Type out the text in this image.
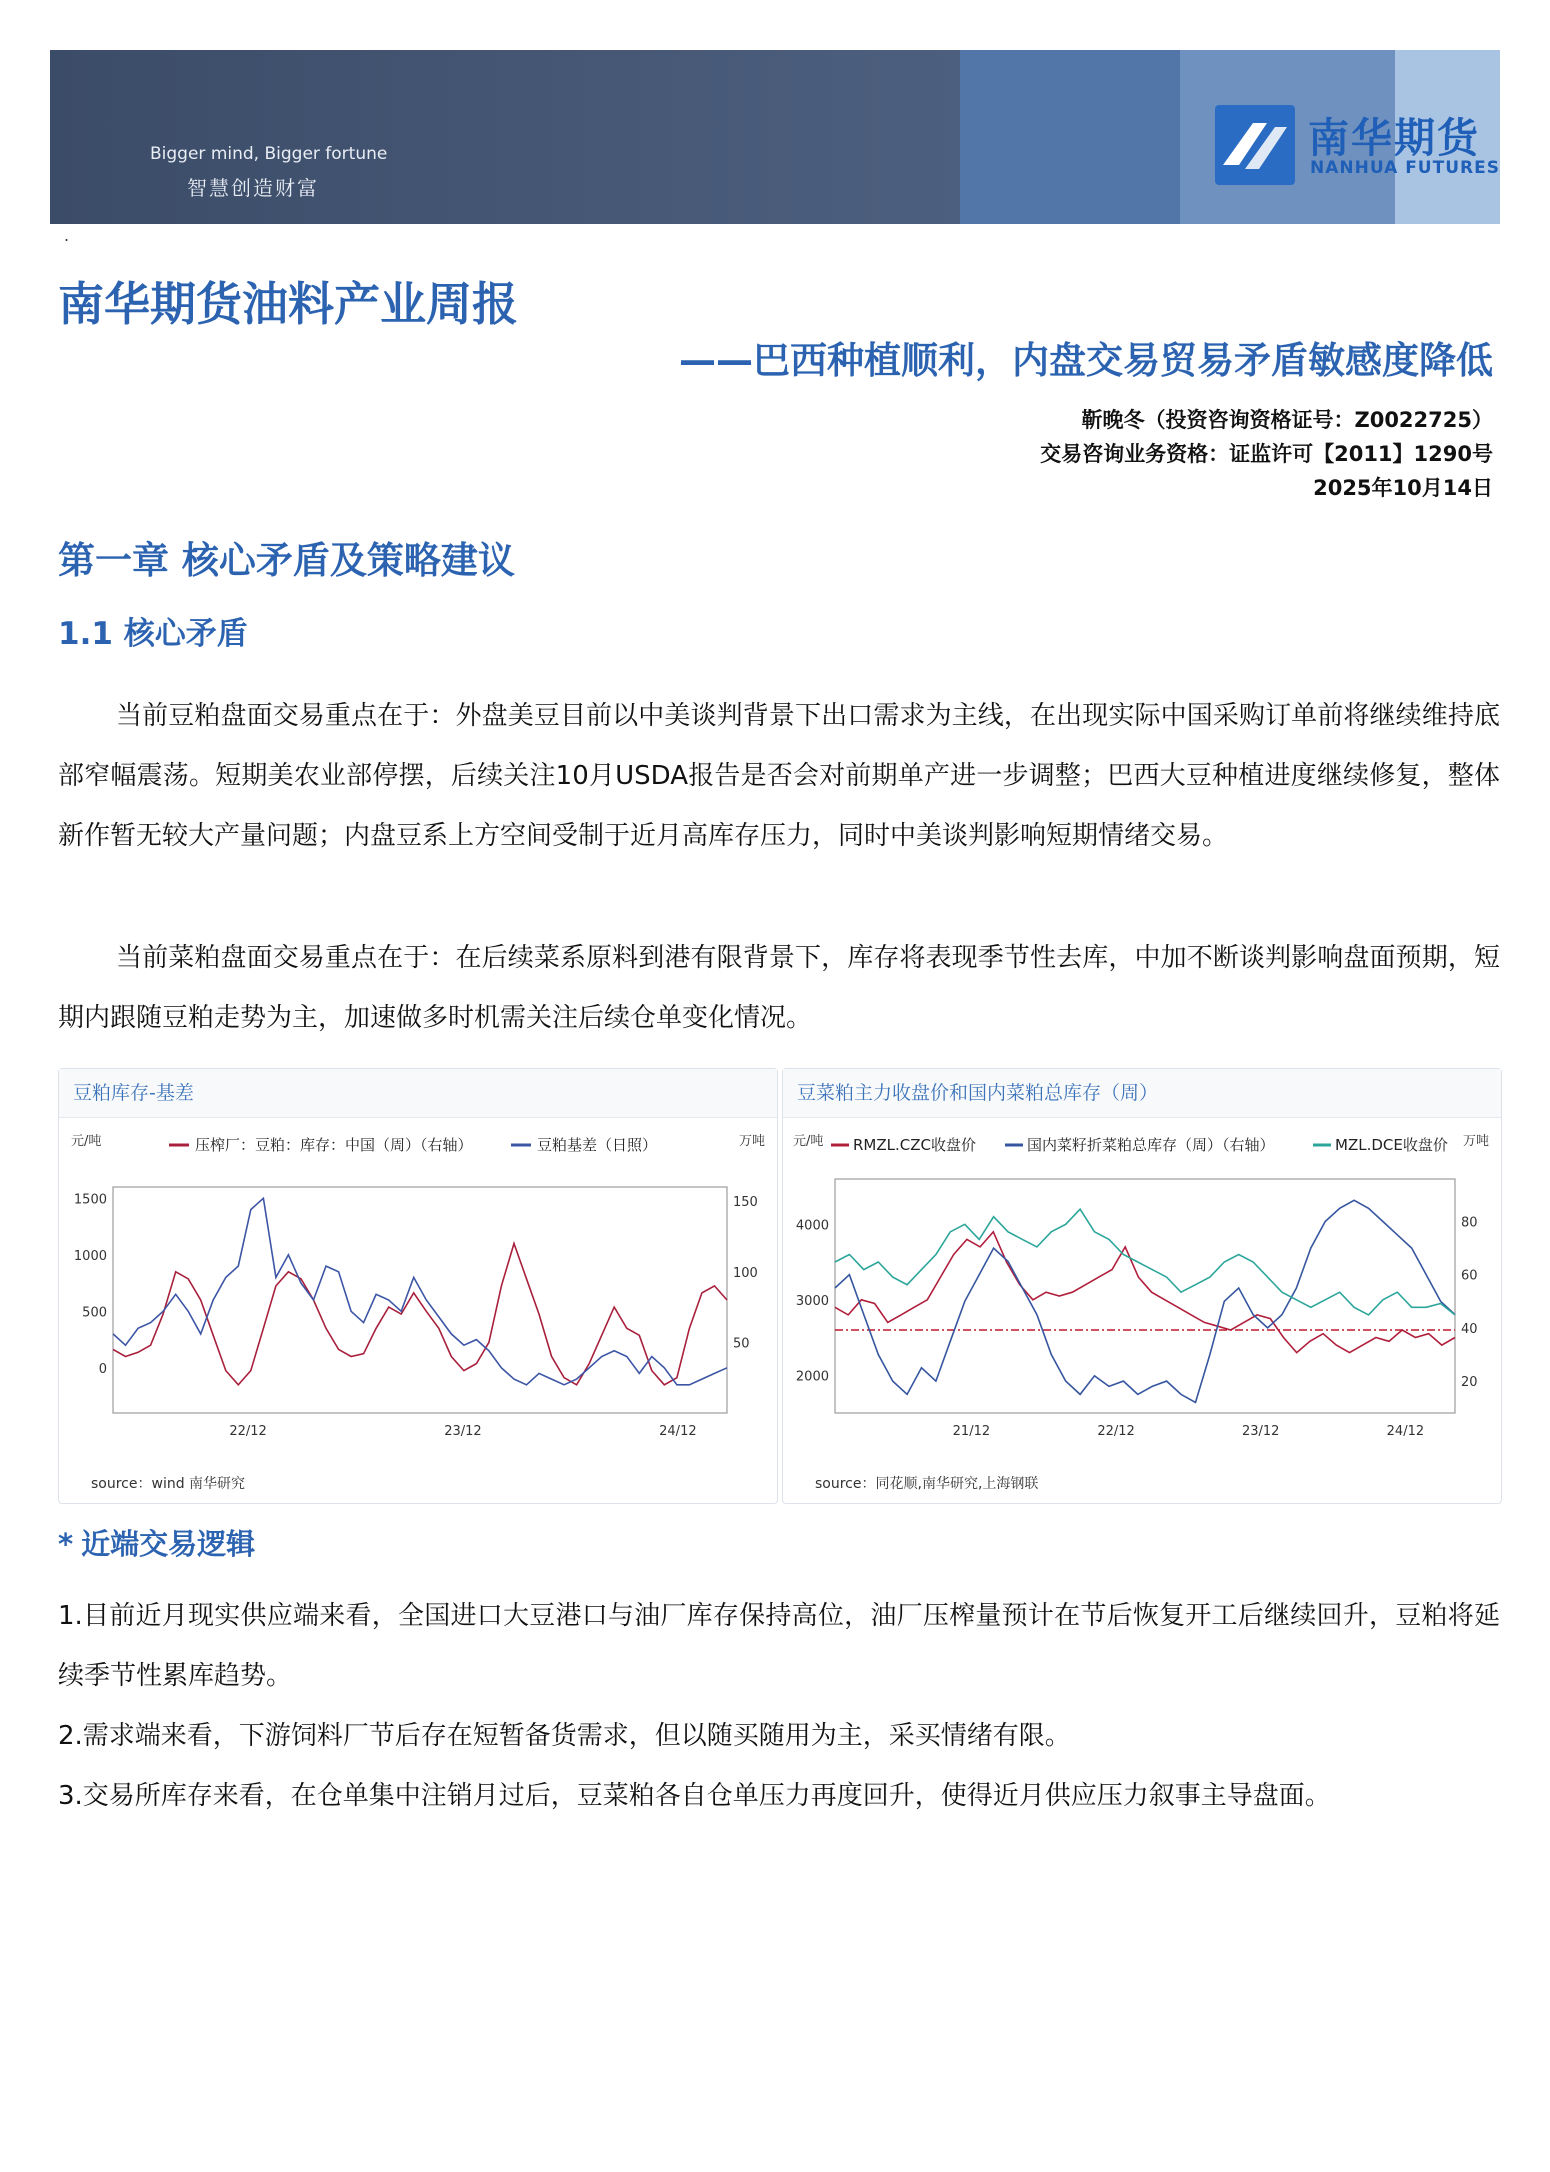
Bigger mind, Bigger fortune
智慧创造财富
南华期货
NANHUA FUTURES
.
南华期货油料产业周报
——巴西种植顺利，内盘交易贸易矛盾敏感度降低
靳晚冬（投资咨询资格证号：Z0022725）
交易咨询业务资格：证监许可【2011】1290号
2025年10月14日
第一章 核心矛盾及策略建议
1.1 核心矛盾

当前豆粕盘面交易重点在于：外盘美豆目前以中美谈判背景下出口需求为主线，在出现实际中国采购订单前将继续维持底部窄幅震荡。短期美农业部停摆，后续关注10月USDA报告是否会对前期单产进一步调整；巴西大豆种植进度继续修复，整体新作暂无较大产量问题；内盘豆系上方空间受制于近月高库存压力，同时中美谈判影响短期情绪交易。

当前菜粕盘面交易重点在于：在后续菜系原料到港有限背景下，库存将表现季节性去库，中加不断谈判影响盘面预期，短期内跟随豆粕走势为主，加速做多时机需关注后续仓单变化情况。

豆粕库存-基差
元/吨	万吨
压榨厂：豆粕：库存：中国（周）（右轴）	豆粕基差（日照）
0
500
1000
1500
50
100
150
22/12	23/12	24/12
source：wind 南华研究
豆菜粕主力收盘价和国内菜粕总库存（周）
元/吨	万吨
RMZL.CZC收盘价	国内菜籽折菜粕总库存（周）（右轴）	MZL.DCE收盘价
2000
3000
4000
20
40
60
80
21/12	22/12	23/12	24/12
source：同花顺,南华研究,上海钢联
* 近端交易逻辑

1.目前近月现实供应端来看，全国进口大豆港口与油厂库存保持高位，油厂压榨量预计在节后恢复开工后继续回升，豆粕将延续季节性累库趋势。

2.需求端来看，下游饲料厂节后存在短暂备货需求，但以随买随用为主，采买情绪有限。

3.交易所库存来看，在仓单集中注销月过后，豆菜粕各自仓单压力再度回升，使得近月供应压力叙事主导盘面。
